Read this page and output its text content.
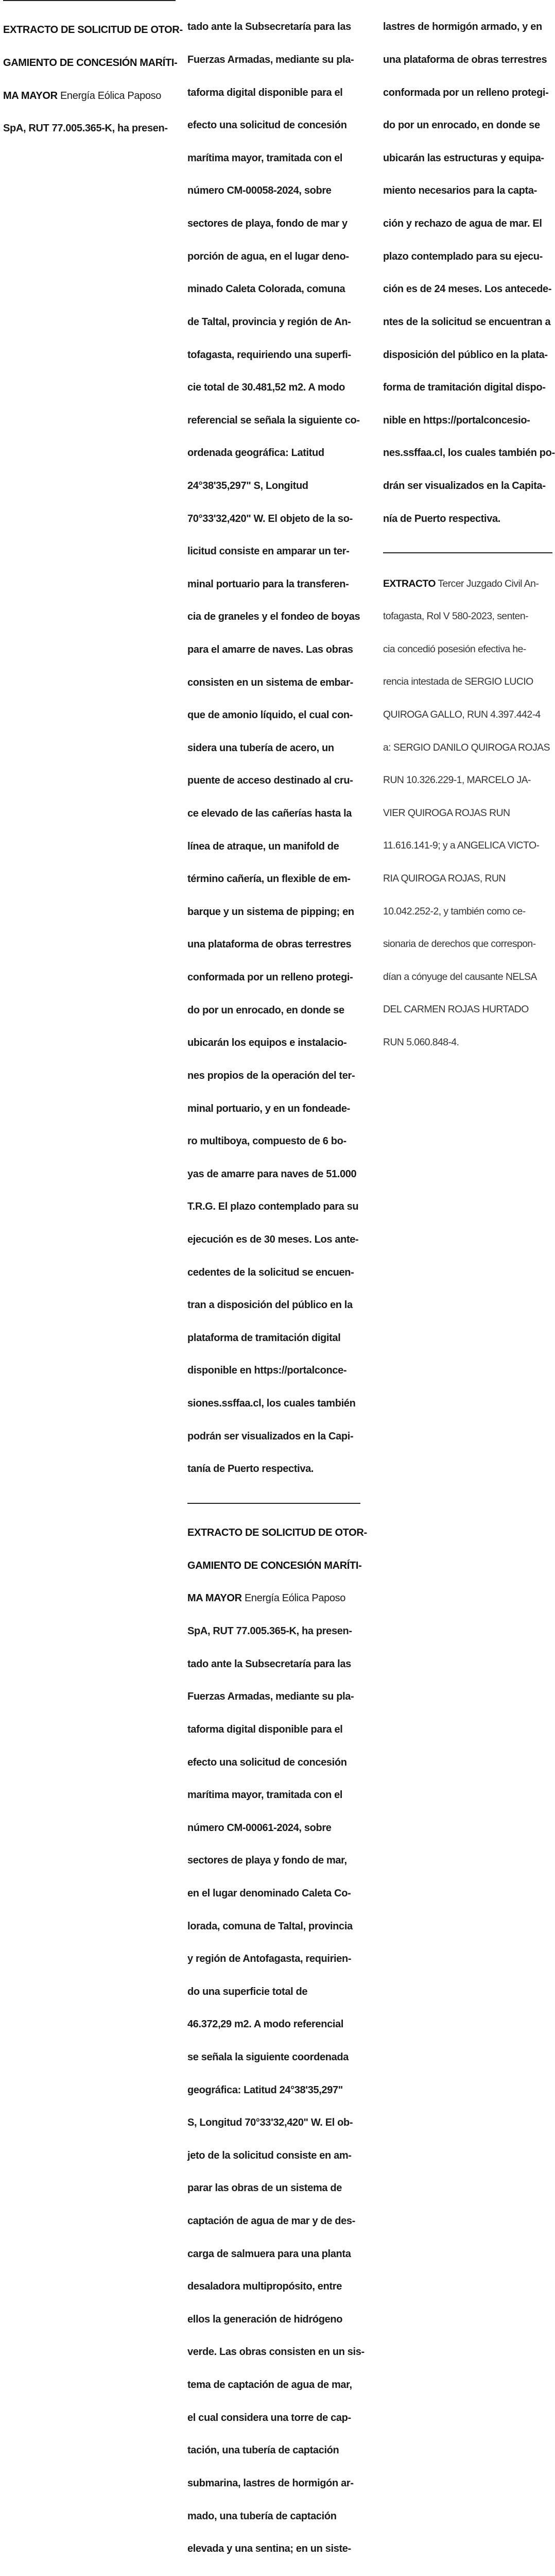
EXTRACTO DE SOLICITUD DE OTOR-

GAMIENTO DE CONCESIÓN MARÍTI-

MA MAYOR Energía Eólica Paposo

SpA, RUT 77.005.365-K, ha presen-

tado ante la Subsecretaría para las

Fuerzas Armadas, mediante su pla-

taforma digital disponible para el

efecto una solicitud de concesión

marítima mayor, tramitada con el

número CM-00058-2024, sobre

sectores de playa, fondo de mar y

porción de agua, en el lugar deno-

minado Caleta Colorada, comuna

de Taltal, provincia y región de An-

tofagasta, requiriendo una superfi-

cie total de 30.481,52 m2. A modo

referencial se señala la siguiente co-

ordenada geográfica: Latitud

24°38'35,297" S, Longitud

70°33'32,420" W. El objeto de la so-

licitud consiste en amparar un ter-

minal portuario para la transferen-

cia de graneles y el fondeo de boyas

para el amarre de naves. Las obras

consisten en un sistema de embar-

que de amonio líquido, el cual con-

sidera una tubería de acero, un

puente de acceso destinado al cru-

ce elevado de las cañerías hasta la

línea de atraque, un manifold de

término cañería, un flexible de em-

barque y un sistema de pipping; en

una plataforma de obras terrestres

conformada por un relleno protegi-

do por un enrocado, en donde se

ubicarán los equipos e instalacio-

nes propios de la operación del ter-

minal portuario, y en un fondeade-

ro multiboya, compuesto de 6 bo-

yas de amarre para naves de 51.000

T.R.G. El plazo contemplado para su

ejecución es de 30 meses. Los ante-

cedentes de la solicitud se encuen-

tran a disposición del público en la

plataforma de tramitación digital

disponible en https://portalconce-

siones.ssffaa.cl, los cuales también

podrán ser visualizados en la Capi-

tanía de Puerto respectiva.

EXTRACTO DE SOLICITUD DE OTOR-

GAMIENTO DE CONCESIÓN MARÍTI-

MA MAYOR Energía Eólica Paposo

SpA, RUT 77.005.365-K, ha presen-

tado ante la Subsecretaría para las

Fuerzas Armadas, mediante su pla-

taforma digital disponible para el

efecto una solicitud de concesión

marítima mayor, tramitada con el

número CM-00061-2024, sobre

sectores de playa y fondo de mar,

en el lugar denominado Caleta Co-

lorada, comuna de Taltal, provincia

y región de Antofagasta, requirien-

do una superficie total de

46.372,29 m2. A modo referencial

se señala la siguiente coordenada

geográfica: Latitud 24°38'35,297"

S, Longitud 70°33'32,420" W. El ob-

jeto de la solicitud consiste en am-

parar las obras de un sistema de

captación de agua de mar y de des-

carga de salmuera para una planta

desaladora multipropósito, entre

ellos la generación de hidrógeno

verde. Las obras consisten en un sis-

tema de captación de agua de mar,

el cual considera una torre de cap-

tación, una tubería de captación

submarina, lastres de hormigón ar-

mado, una tubería de captación

elevada y una sentina; en un siste-

lastres de hormigón armado, y en

una plataforma de obras terrestres

conformada por un relleno protegi-

do por un enrocado, en donde se

ubicarán las estructuras y equipa-

miento necesarios para la capta-

ción y rechazo de agua de mar. El

plazo contemplado para su ejecu-

ción es de 24 meses. Los antecede-

ntes de la solicitud se encuentran a

disposición del público en la plata-

forma de tramitación digital dispo-

nible en https://portalconcesio-

nes.ssffaa.cl, los cuales también po-

drán ser visualizados en la Capita-

nía de Puerto respectiva.

EXTRACTO Tercer Juzgado Civil An-

tofagasta, Rol V 580-2023, senten-

cia concedió posesión efectiva he-

rencia intestada de SERGIO LUCIO

QUIROGA GALLO, RUN 4.397.442-4

a: SERGIO DANILO QUIROGA ROJAS

RUN 10.326.229-1, MARCELO JA-

VIER QUIROGA ROJAS RUN

11.616.141-9; y a ANGELICA VICTO-

RIA QUIROGA ROJAS, RUN

10.042.252-2, y también como ce-

sionaria de derechos que correspon-

dían a cónyuge del causante NELSA

DEL CARMEN ROJAS HURTADO

RUN 5.060.848-4.
